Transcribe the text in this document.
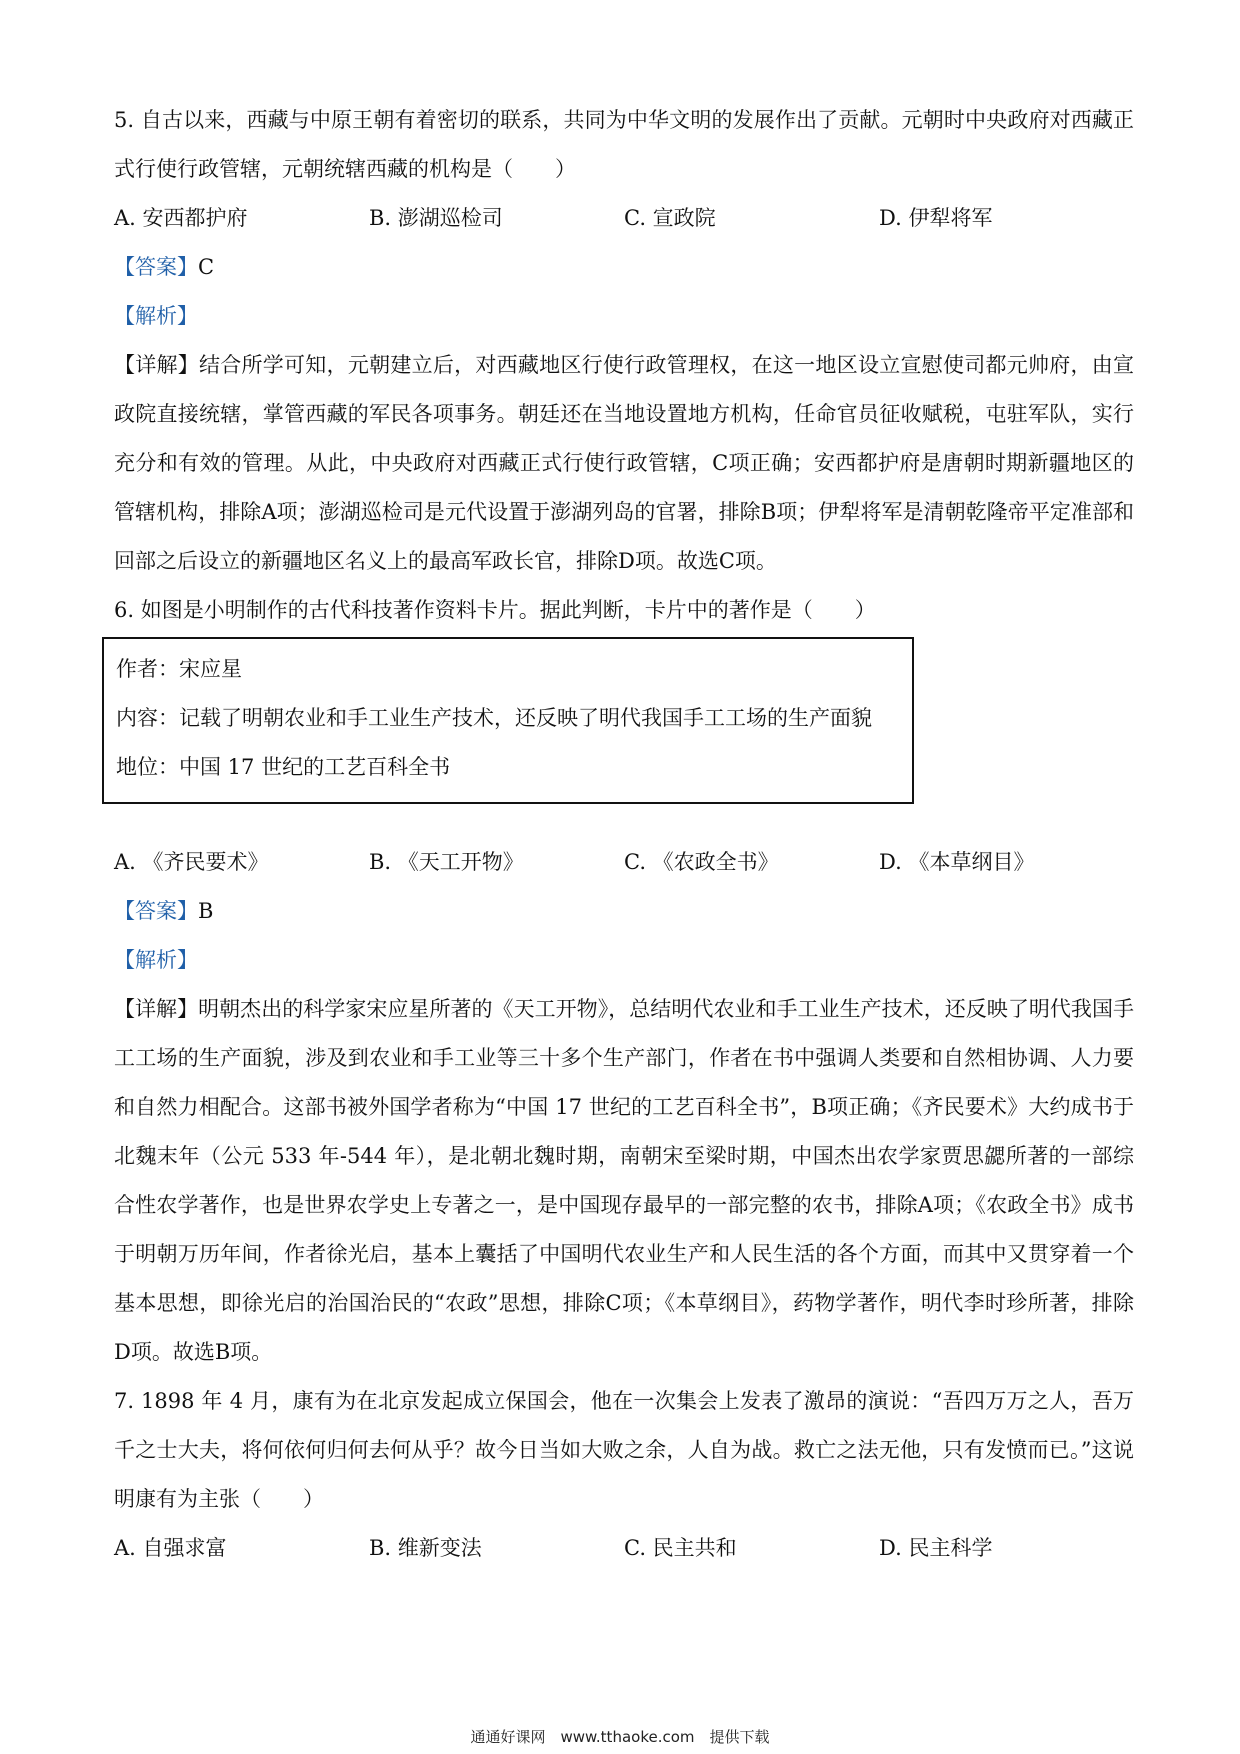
5. 自古以来，西藏与中原王朝有着密切的联系，共同为中华文明的发展作出了贡献。元朝时中央政府对西藏正式行使行政管辖，元朝统辖西藏的机构是（　　）

A. 安西都护府	B. 澎湖巡检司	C. 宣政院	D. 伊犁将军

【答案】C

【解析】

【详解】结合所学可知，元朝建立后，对西藏地区行使行政管理权，在这一地区设立宣慰使司都元帅府，由宣政院直接统辖，掌管西藏的军民各项事务。朝廷还在当地设置地方机构，任命官员征收赋税，屯驻军队，实行充分和有效的管理。从此，中央政府对西藏正式行使行政管辖，C项正确；安西都护府是唐朝时期新疆地区的管辖机构，排除A项；澎湖巡检司是元代设置于澎湖列岛的官署，排除B项；伊犁将军是清朝乾隆帝平定准部和回部之后设立的新疆地区名义上的最高军政长官，排除D项。故选C项。

6. 如图是小明制作的古代科技著作资料卡片。据此判断，卡片中的著作是（　　）

作者：宋应星

内容：记载了明朝农业和手工业生产技术，还反映了明代我国手工工场的生产面貌

地位：中国 17 世纪的工艺百科全书

A. 《齐民要术》	B. 《天工开物》	C. 《农政全书》	D. 《本草纲目》

【答案】B

【解析】

【详解】明朝杰出的科学家宋应星所著的《天工开物》，总结明代农业和手工业生产技术，还反映了明代我国手工工场的生产面貌，涉及到农业和手工业等三十多个生产部门，作者在书中强调人类要和自然相协调、人力要和自然力相配合。这部书被外国学者称为“中国 17 世纪的工艺百科全书”，B项正确；《齐民要术》大约成书于北魏末年（公元 533 年-544 年），是北朝北魏时期，南朝宋至梁时期，中国杰出农学家贾思勰所著的一部综合性农学著作，也是世界农学史上专著之一，是中国现存最早的一部完整的农书，排除A项；《农政全书》成书于明朝万历年间，作者徐光启，基本上囊括了中国明代农业生产和人民生活的各个方面，而其中又贯穿着一个基本思想，即徐光启的治国治民的“农政”思想，排除C项；《本草纲目》，药物学著作，明代李时珍所著，排除D项。故选B项。

7. 1898 年 4 月，康有为在北京发起成立保国会，他在一次集会上发表了激昂的演说：“吾四万万之人，吾万千之士大夫，将何依何归何去何从乎？故今日当如大败之余，人自为战。救亡之法无他，只有发愤而已。”这说明康有为主张（　　）

A. 自强求富	B. 维新变法	C. 民主共和	D. 民主科学
通通好课网　www.tthaoke.com　提供下载
